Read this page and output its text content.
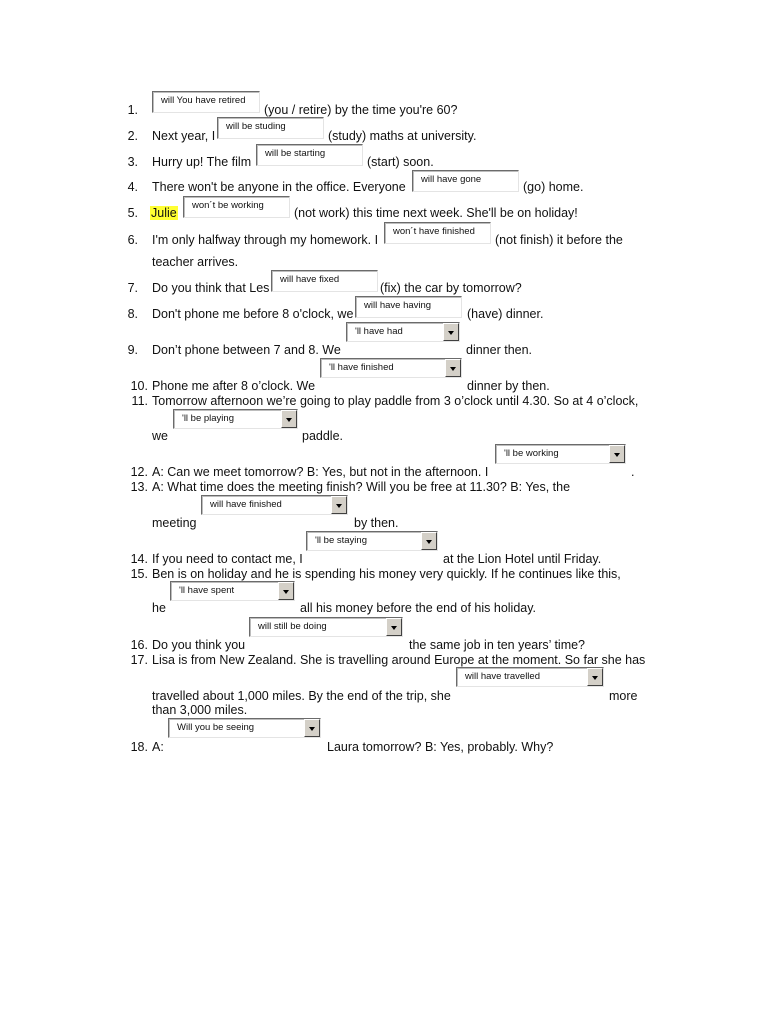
1.
2.
3.
4.
5.
6.
7.
8.
9.
10.
11.
12.
13.
14.
15.
16.
17.
18.
will You have retired
(you / retire) by the time you're 60?
Next year, I
will be studing
(study) maths at university.
Hurry up! The film
will be starting
(start) soon.
There won't be anyone in the office. Everyone
will have gone
(go) home.
Julie
won´t be working
(not work) this time next week. She'll be on holiday!
I'm only halfway through my homework. I
won´t have finished
(not finish) it before the
teacher arrives.
Do you think that Les
will have fixed
(fix) the car by tomorrow?
Don't phone me before 8 o'clock, we
will have having
(have) dinner.
'll have had
Don’t phone between 7 and 8. We	dinner then.
'll have finished
Phone me after 8 o’clock. We	dinner by then.
Tomorrow afternoon we’re going to play paddle from 3 o’clock until 4.30. So at 4 o’clock,
'll be playing
we	paddle.
'll be working
A: Can we meet tomorrow? B: Yes, but not in the afternoon. I	.
A: What time does the meeting finish? Will you be free at 11.30? B: Yes, the
will have finished
meeting	by then.
'll be staying
If you need to contact me, I	at the Lion Hotel until Friday.
Ben is on holiday and he is spending his money very quickly. If he continues like this,
'll have spent
he	all his money before the end of his holiday.
will still be doing
Do you think you	the same job in ten years’ time?
Lisa is from New Zealand. She is travelling around Europe at the moment. So far she has
will have travelled
travelled about 1,000 miles. By the end of the trip, she	more
than 3,000 miles.
Will you be seeing
A:	Laura tomorrow? B: Yes, probably. Why?
